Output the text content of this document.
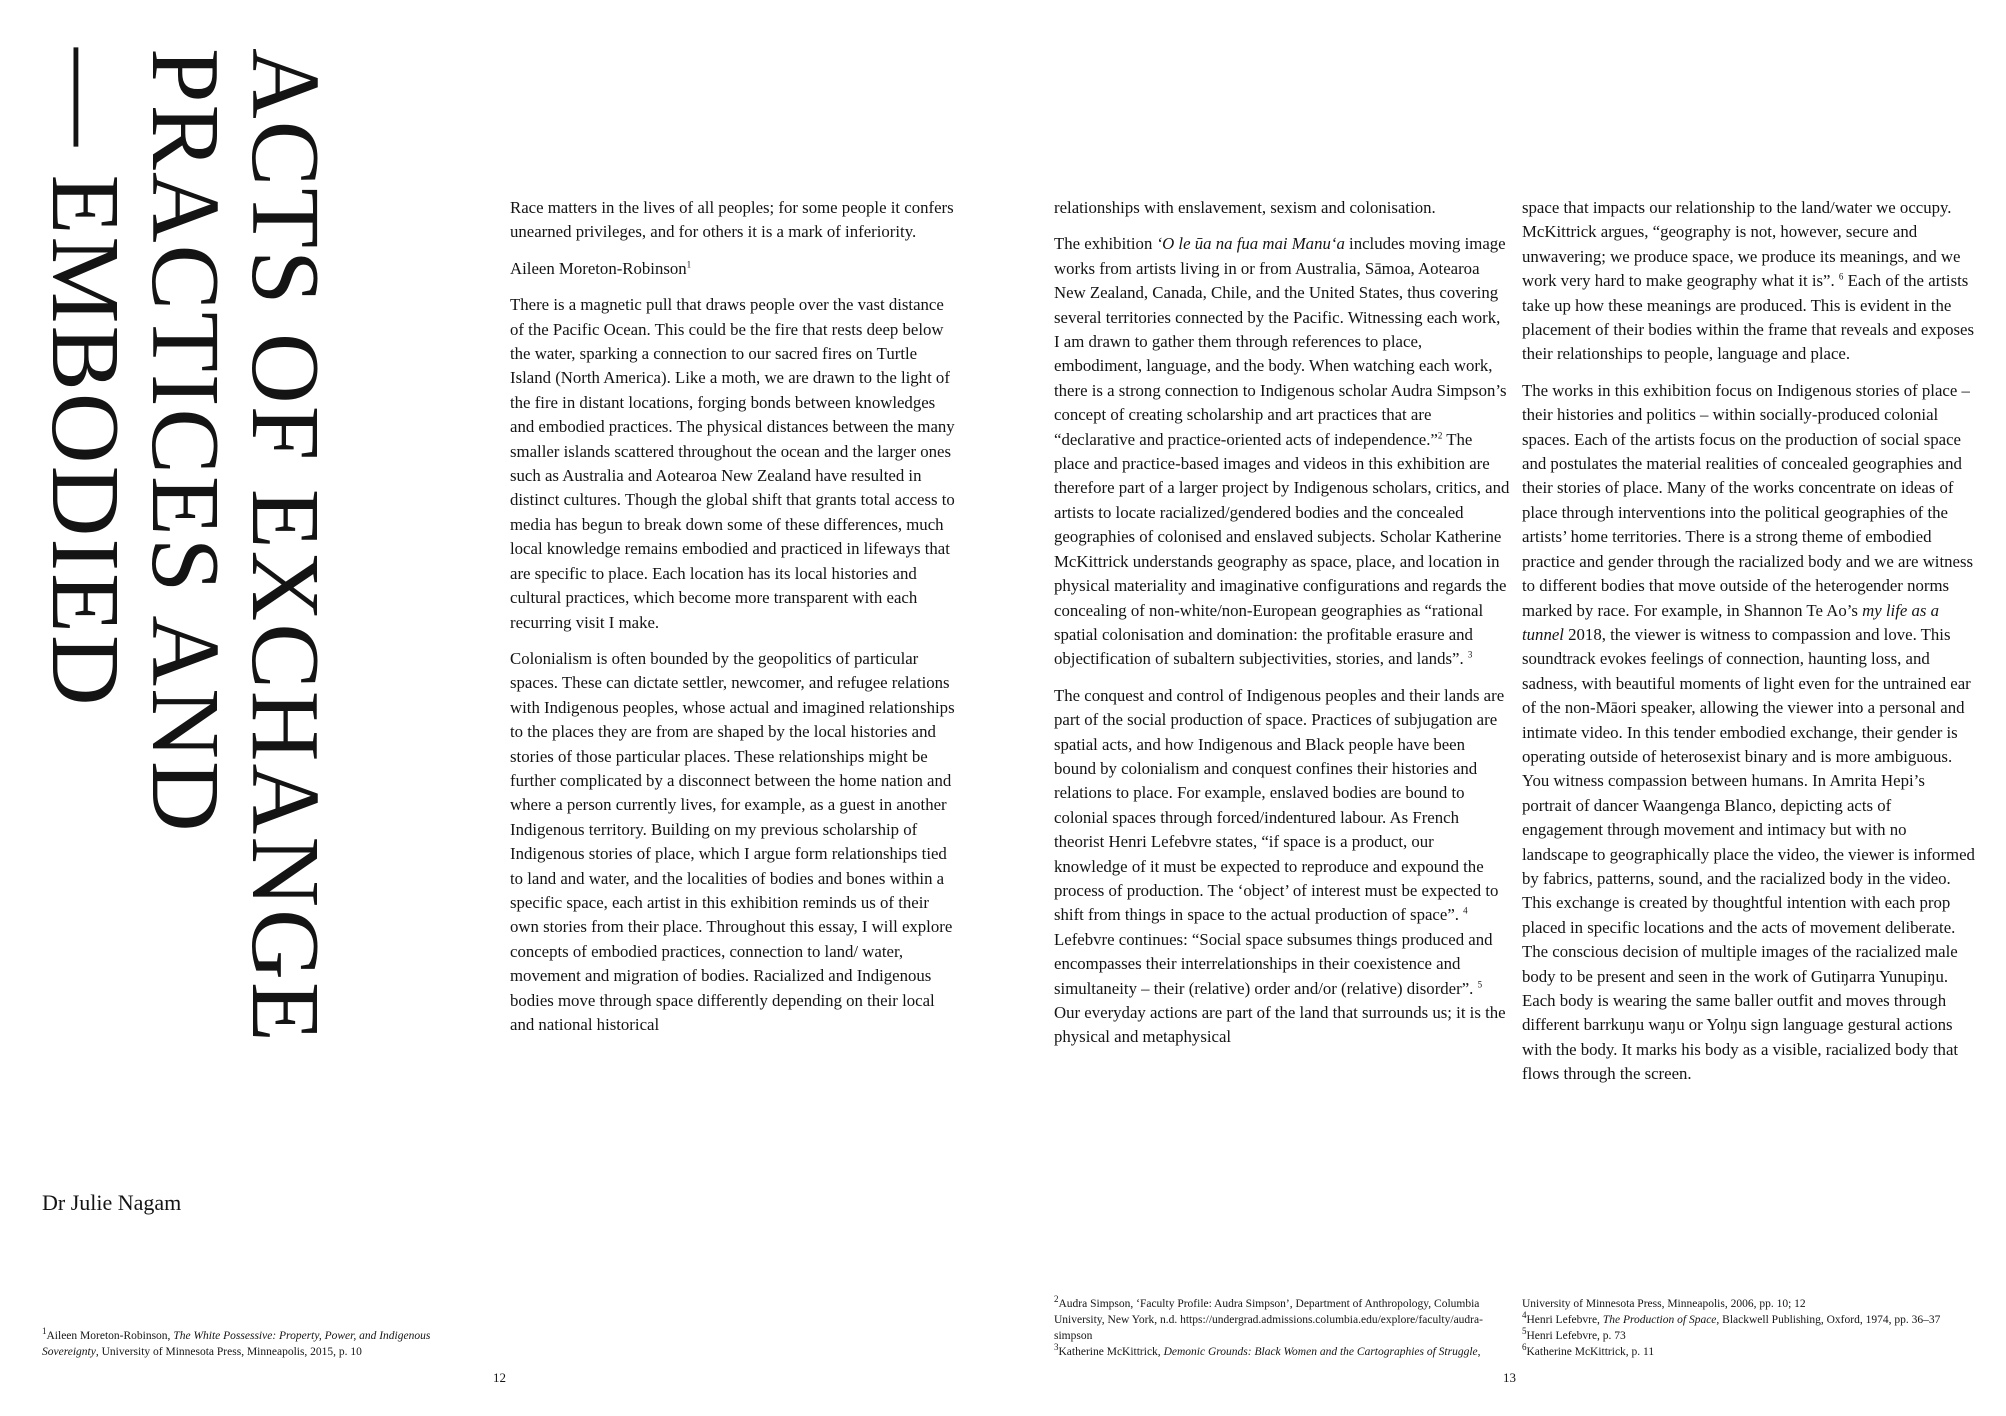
ACTS OF EXCHANGE
PRACTICES AND
— EMBODIED

Dr Julie Nagam

Race matters in the lives of all peoples; for some people it confers unearned privileges, and for others it is a mark of inferiority.

Aileen Moreton-Robinson$^1$

There is a magnetic pull that draws people over the vast distance of the Pacific Ocean. This could be the fire that rests deep below the water, sparking a connection to our sacred fires on Turtle Island (North America). Like a moth, we are drawn to the light of the fire in distant locations, forging bonds between knowledges and embodied practices. The physical distances between the many smaller islands scattered throughout the ocean and the larger ones such as Australia and Aotearoa New Zealand have resulted in distinct cultures. Though the global shift that grants total access to media has begun to break down some of these differences, much local knowledge remains embodied and practiced in lifeways that are specific to place. Each location has its local histories and cultural practices, which become more transparent with each recurring visit I make.

Colonialism is often bounded by the geopolitics of particular spaces. These can dictate settler, newcomer, and refugee relations with Indigenous peoples, whose actual and imagined relationships to the places they are from are shaped by the local histories and stories of those particular places. These relationships might be further complicated by a disconnect between the home nation and where a person currently lives, for example, as a guest in another Indigenous territory. Building on my previous scholarship of Indigenous stories of place, which I argue form relationships tied to land and water, and the localities of bodies and bones within a specific space, each artist in this exhibition reminds us of their own stories from their place. Throughout this essay, I will explore concepts of embodied practices, connection to land/ water, movement and migration of bodies. Racialized and Indigenous bodies move through space differently depending on their local and national historical

relationships with enslavement, sexism and colonisation.

The exhibition ‘O le ūa na fua mai Manu‘a includes moving image works from artists living in or from Australia, Sāmoa, Aotearoa New Zealand, Canada, Chile, and the United States, thus covering several territories connected by the Pacific. Witnessing each work, I am drawn to gather them through references to place, embodiment, language, and the body. When watching each work, there is a strong connection to Indigenous scholar Audra Simpson’s concept of creating scholarship and art practices that are “declarative and practice-oriented acts of independence.”$^2$ The place and practice-based images and videos in this exhibition are therefore part of a larger project by Indigenous scholars, critics, and artists to locate racialized/gendered bodies and the concealed geographies of colonised and enslaved subjects. Scholar Katherine McKittrick understands geography as space, place, and location in physical materiality and imaginative configurations and regards the concealing of non-white/non-European geographies as “rational spatial colonisation and domination: the profitable erasure and objectification of subaltern subjectivities, stories, and lands”. $^3$

The conquest and control of Indigenous peoples and their lands are part of the social production of space. Practices of subjugation are spatial acts, and how Indigenous and Black people have been bound by colonialism and conquest confines their histories and relations to place. For example, enslaved bodies are bound to colonial spaces through forced/indentured labour. As French theorist Henri Lefebvre states, “if space is a product, our knowledge of it must be expected to reproduce and expound the process of production. The ‘object’ of interest must be expected to shift from things in space to the actual production of space”. $^4$ Lefebvre continues: “Social space subsumes things produced and encompasses their interrelationships in their coexistence and simultaneity – their (relative) order and/or (relative) disorder”. $^5$ Our everyday actions are part of the land that surrounds us; it is the physical and metaphysical

space that impacts our relationship to the land/water we occupy. McKittrick argues, “geography is not, however, secure and unwavering; we produce space, we produce its meanings, and we work very hard to make geography what it is”. $^6$ Each of the artists take up how these meanings are produced. This is evident in the placement of their bodies within the frame that reveals and exposes their relationships to people, language and place.

The works in this exhibition focus on Indigenous stories of place – their histories and politics – within socially-produced colonial spaces. Each of the artists focus on the production of social space and postulates the material realities of concealed geographies and their stories of place. Many of the works concentrate on ideas of place through interventions into the political geographies of the artists’ home territories. There is a strong theme of embodied practice and gender through the racialized body and we are witness to different bodies that move outside of the heterogender norms marked by race. For example, in Shannon Te Ao’s my life as a tunnel 2018, the viewer is witness to compassion and love. This soundtrack evokes feelings of connection, haunting loss, and sadness, with beautiful moments of light even for the untrained ear of the non-Māori speaker, allowing the viewer into a personal and intimate video. In this tender embodied exchange, their gender is operating outside of heterosexist binary and is more ambiguous. You witness compassion between humans. In Amrita Hepi’s portrait of dancer Waangenga Blanco, depicting acts of engagement through movement and intimacy but with no landscape to geographically place the video, the viewer is informed by fabrics, patterns, sound, and the racialized body in the video. This exchange is created by thoughtful intention with each prop placed in specific locations and the acts of movement deliberate. The conscious decision of multiple images of the racialized male body to be present and seen in the work of Gutiŋarra Yunupiŋu. Each body is wearing the same baller outfit and moves through different barrkuŋu waŋu or Yolŋu sign language gestural actions with the body. It marks his body as a visible, racialized body that flows through the screen.

$^1$Aileen Moreton-Robinson, The White Possessive: Property, Power, and Indigenous Sovereignty, University of Minnesota Press, Minneapolis, 2015, p. 10

$^2$Audra Simpson, ‘Faculty Profile: Audra Simpson’, Department of Anthropology, Columbia University, New York, n.d. https://undergrad.admissions.columbia.edu/explore/faculty/audra-simpson

$^3$Katherine McKittrick, Demonic Grounds: Black Women and the Cartographies of Struggle,

University of Minnesota Press, Minneapolis, 2006, pp. 10; 12

$^4$Henri Lefebvre, The Production of Space, Blackwell Publishing, Oxford, 1974, pp. 36–37

$^5$Henri Lefebvre, p. 73

$^6$Katherine McKittrick, p. 11

12	13
